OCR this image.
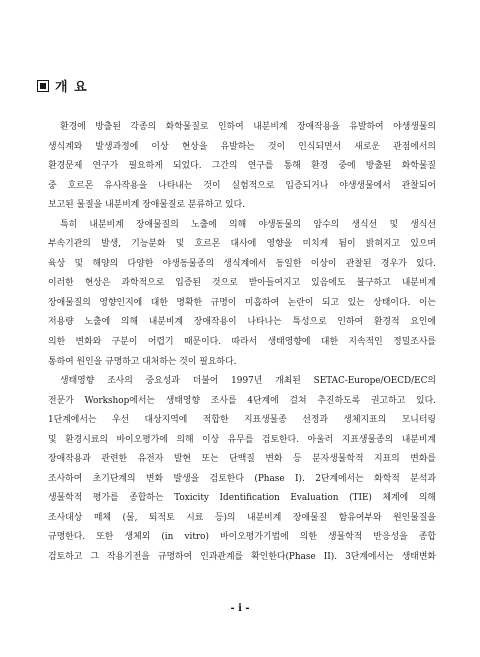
개 요
환경에 방출된 각종의 화학물질로 인하여 내분비계 장애작용을 유발하여 야생생물의
생식계와 발생과정에 이상 현상을 유발하는 것이 인식되면서 새로운 관점에서의
환경문제 연구가 필요하게 되었다. 그간의 연구를 통해 환경 중에 방출된 화학물질
중 호르몬 유사작용을 나타내는 것이 실험적으로 입증되거나 야생생물에서 관찰되어
보고된 물질을 내분비계 장애물질로 분류하고 있다.
특히 내분비계 장애물질의 노출에 의해 야생동물의 암수의 생식선 및 생식선
부속기관의 발생, 기능분화 및 호르몬 대사에 영향을 미치게 됨이 밝혀지고 있으며
육상 및 해양의 다양한 야생동물종의 생식계에서 동일한 이상이 관찰된 경우가 있다.
이러한 현상은 과학적으로 입증된 것으로 받아들여지고 있음에도 불구하고 내분비계
장애물질의 영향인지에 대한 명확한 규명이 미흡하여 논란이 되고 있는 상태이다. 이는
저용량 노출에 의해 내분비계 장애작용이 나타나는 특성으로 인하여 환경적 요인에
의한 변화와 구분이 어렵기 때문이다. 따라서 생태영향에 대한 지속적인 정밀조사를
통하여 원인을 규명하고 대처하는 것이 필요하다.
생태영향 조사의 중요성과 더불어 1997년 개최된 SETAC-Europe/OECD/EC의
전문가 Workshop에서는 생태영향 조사를 4단계에 걸쳐 추진하도록 권고하고 있다.
1단계에서는 우선 대상지역에 적합한 지표생물종 선정과 생체지표의 모니터링
및 환경시료의 바이오평가에 의해 이상 유무를 검토한다. 아울러 지표생물종의 내분비계
장애작용과 관련한 유전자 발현 또는 단백질 변화 등 분자생물학적 지표의 변화를
조사하여 초기단계의 변화 발생을 검토한다 (Phase I). 2단계에서는 화학적 분석과
생물학적 평가를 종합하는 Toxicity Identification Evaluation (TIE) 체계에 의해
조사대상 매체 (물, 퇴적토 시료 등)의 내분비계 장애물질 함유여부와 원인물질을
규명한다. 또한 생체외 (in vitro) 바이오평가기법에 의한 생물학적 반응성을 종합
검토하고 그 작용기전을 규명하여 인과관계를 확인한다(Phase II). 3단계에서는 생태변화
- i -
